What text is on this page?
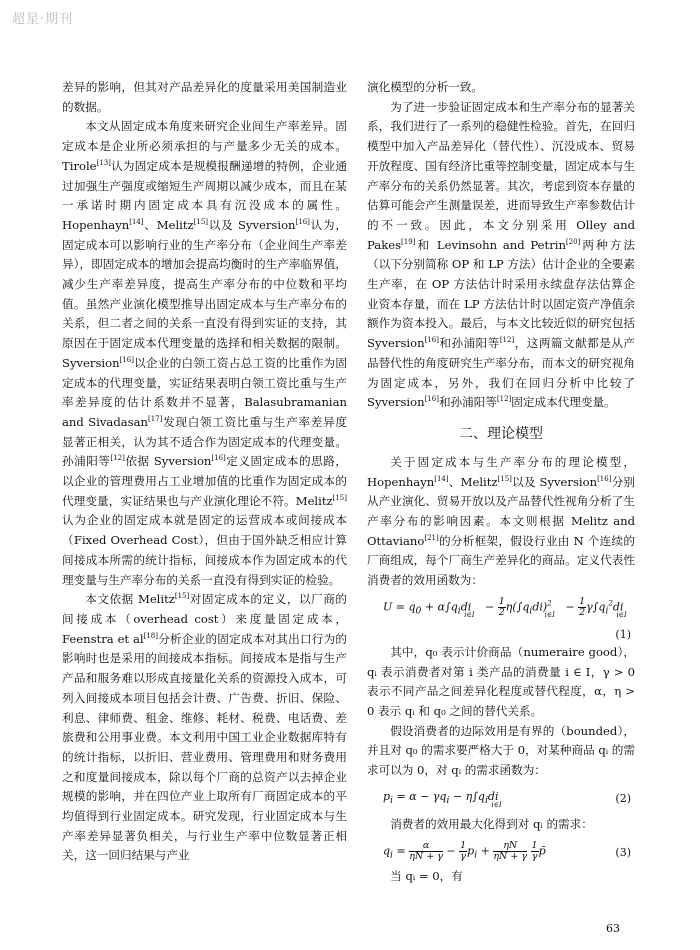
超星·期刊

差异的影响，但其对产品差异化的度量采用美国制造业的数据。

本文从固定成本角度来研究企业间生产率差异。固定成本是企业所必须承担的与产量多少无关的成本。Tirole[13]认为固定成本是规模报酬递增的特例，企业通过加强生产强度或缩短生产周期以减少成本，而且在某一承诺时期内固定成本具有沉没成本的属性。Hopenhayn[14]、Melitz[15]以及 Syversion[16]认为，固定成本可以影响行业的生产率分布（企业间生产率差异），即固定成本的增加会提高均衡时的生产率临界值，减少生产率差异度，提高生产率分布的中位数和平均值。虽然产业演化模型推导出固定成本与生产率分布的关系，但二者之间的关系一直没有得到实证的支持，其原因在于固定成本代理变量的选择和相关数据的限制。Syversion[16]以企业的白领工资占总工资的比重作为固定成本的代理变量，实证结果表明白领工资比重与生产率差异度的估计系数并不显著，Balasubramanian and Sivadasan[17]发现白领工资比重与生产率差异度显著正相关，认为其不适合作为固定成本的代理变量。孙浦阳等[12]依据 Syversion[16]定义固定成本的思路，以企业的管理费用占工业增加值的比重作为固定成本的代理变量，实证结果也与产业演化理论不符。Melitz[15]认为企业的固定成本就是固定的运营成本或间接成本（Fixed Overhead Cost），但由于国外缺乏相应计算间接成本所需的统计指标，间接成本作为固定成本的代理变量与生产率分布的关系一直没有得到实证的检验。

本文依据 Melitz[15]对固定成本的定义，以厂商的间接成本（overhead cost）来度量固定成本，Feenstra et al[18]分析企业的固定成本对其出口行为的影响时也是采用的间接成本指标。间接成本是指与生产产品和服务难以形成直接量化关系的资源投入成本，可列入间接成本项目包括会计费、广告费、折旧、保险、利息、律师费、租金、维修、耗材、税费、电话费、差旅费和公用事业费。本文利用中国工业企业数据库特有的统计指标，以折旧、营业费用、管理费用和财务费用之和度量间接成本，除以每个厂商的总资产以去掉企业规模的影响，并在四位产业上取所有厂商固定成本的平均值得到行业固定成本。研究发现，行业固定成本与生产率差异显著负相关，与行业生产率中位数显著正相关，这一回归结果与产业

演化模型的分析一致。

为了进一步验证固定成本和生产率分布的显著关系，我们进行了一系列的稳健性检验。首先，在回归模型中加入产品差异化（替代性）、沉没成本、贸易开放程度、国有经济比重等控制变量，固定成本与生产率分布的关系仍然显著。其次，考虑到资本存量的估算可能会产生测量误差，进而导致生产率参数估计的不一致。因此，本文分别采用 Olley and Pakes[19]和 Levinsohn and Petrin[20]两种方法（以下分别简称 OP 和 LP 方法）估计企业的全要素生产率，在 OP 方法估计时采用永续盘存法估算企业资本存量，而在 LP 方法估计时以固定资产净值余额作为资本投入。最后，与本文比较近似的研究包括 Syversion[16]和孙浦阳等[12]，这两篇文献都是从产品替代性的角度研究生产率分布，而本文的研究视角为固定成本，另外，我们在回归分析中比较了 Syversion[16]和孙浦阳等[12]固定成本代理变量。

二、理论模型

关于固定成本与生产率分布的理论模型，Hopenhayn[14]、Melitz[15]以及 Syversion[16]分别从产业演化、贸易开放以及产品替代性视角分析了生产率分布的影响因素。本文则根据 Melitz and Ottaviano[21]的分析框架，假设行业由 N 个连续的厂商组成，每个厂商生产差异化的商品。定义代表性消费者的效用函数为：

$U = q_0 + \alpha\int q_idi_{i\in I} - \frac{1}{2} \eta(\int q_idi)^2_{i\in I} - \frac{1}{2} \gamma\int q_i^2di_{i\in I}$
(1)

其中，q₀ 表示计价商品（numeraire good），qᵢ 表示消费者对第 i 类产品的消费量 i ∈ I，γ > 0 表示不同产品之间差异化程度或替代程度，α，η > 0 表示 qᵢ 和 q₀ 之间的替代关系。

假设消费者的边际效用是有界的（bounded），并且对 q₀ 的需求要严格大于 0，对某种商品 qᵢ 的需求可以为 0，对 qᵢ 的需求函数为：

$p_i = \alpha - \gamma q_i - \eta\int q_idi_{i\in I}$	(2)

消费者的效用最大化得到对 qᵢ 的需求：

$q_i = \frac{\alpha}{\eta N + \gamma} - \frac{1}{\gamma} p_i + \frac{\eta N}{\eta N + \gamma}$
$\frac{1}{\gamma}$ p̄	(3)

当 qᵢ = 0，有

63
